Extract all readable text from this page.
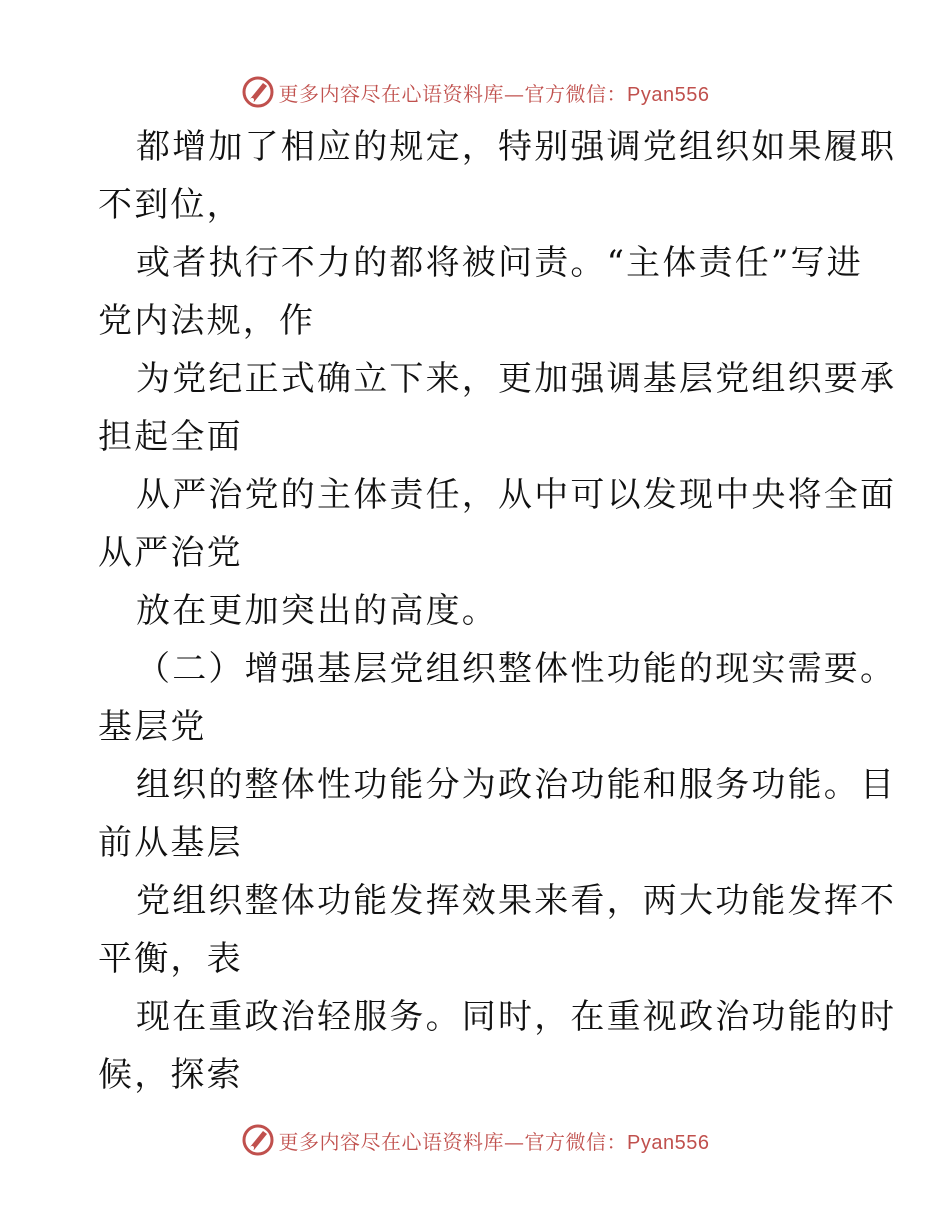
更多内容尽在心语资料库—官方微信：Pyan556

都增加了相应的规定，特别强调党组织如果履职

不到位，

或者执行不力的都将被问责。“主体责任”写进

党内法规，作

为党纪正式确立下来，更加强调基层党组织要承

担起全面

从严治党的主体责任，从中可以发现中央将全面

从严治党

放在更加突出的高度。

（二）增强基层党组织整体性功能的现实需要。

基层党

组织的整体性功能分为政治功能和服务功能。目

前从基层

党组织整体功能发挥效果来看，两大功能发挥不

平衡，表

现在重政治轻服务。同时，在重视政治功能的时

候，探索

更多内容尽在心语资料库—官方微信：Pyan556
